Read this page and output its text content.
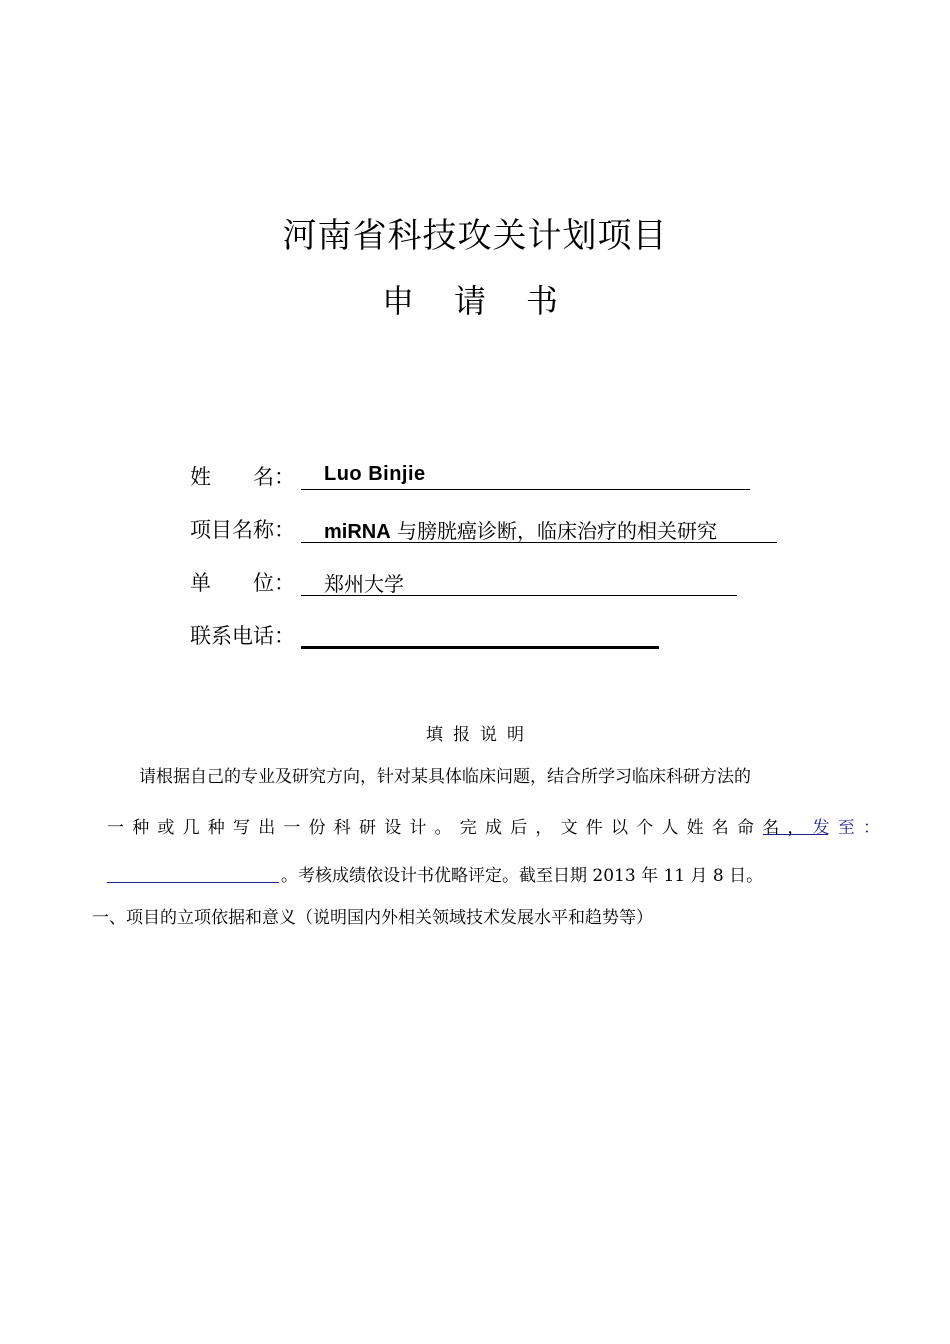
河南省科技攻关计划项目
申请书
姓　　名： Luo Binjie
项目名称： miRNA 与膀胱癌诊断，临床治疗的相关研究
单　　位： 郑州大学
联系电话：
填报说明
请根据自己的专业及研究方向，针对某具体临床问题，结合所学习临床科研方法的
一种或几种写出一份科研设计。完成后，文件以个人姓名命名，发至：
。考核成绩依设计书优略评定。截至日期 2013 年 11 月 8 日。
一、项目的立项依据和意义（说明国内外相关领域技术发展水平和趋势等）
